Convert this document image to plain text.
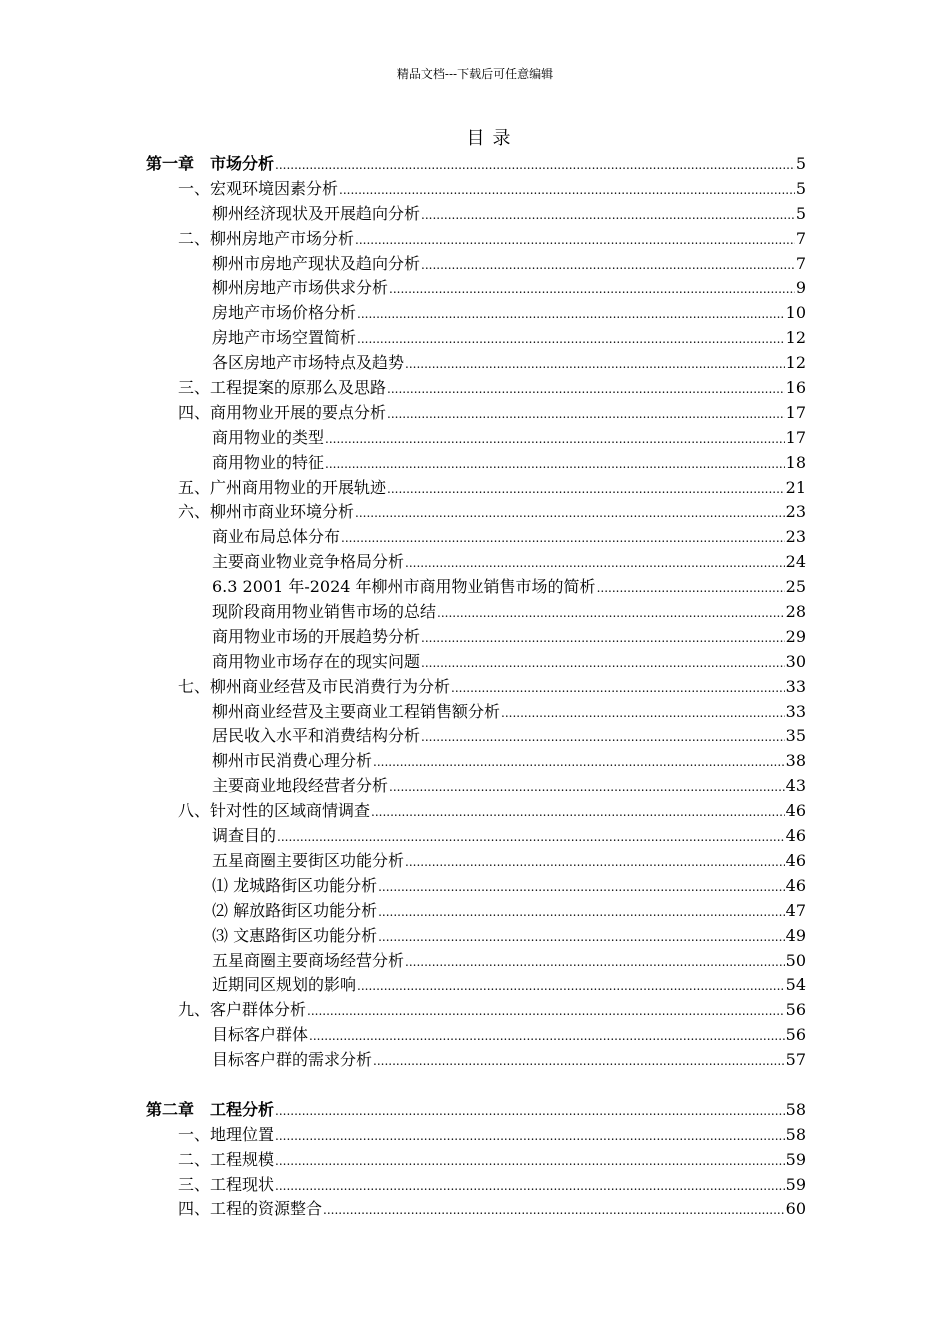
精品文档---下载后可任意编辑
目录
第一章　市场分析 .....	5
一、宏观环境因素分析 .....	5
柳州经济现状及开展趋向分析 .....	5
二、柳州房地产市场分析 .....	7
柳州市房地产现状及趋向分析 .....	7
柳州房地产市场供求分析 .....	9
房地产市场价格分析 .....	10
房地产市场空置简析 .....	12
各区房地产市场特点及趋势 .....	12
三、工程提案的原那么及思路 .....	16
四、商用物业开展的要点分析 .....	17
商用物业的类型 .....	17
商用物业的特征 .....	18
五、广州商用物业的开展轨迹 .....	21
六、柳州市商业环境分析 .....	23
商业布局总体分布 .....	23
主要商业物业竞争格局分析 .....	24
6.3 2001 年-2024 年柳州市商用物业销售市场的简析 .....	25
现阶段商用物业销售市场的总结 .....	28
商用物业市场的开展趋势分析 .....	29
商用物业市场存在的现实问题 .....	30
七、柳州商业经营及市民消费行为分析 .....	33
柳州商业经营及主要商业工程销售额分析 .....	33
居民收入水平和消费结构分析 .....	35
柳州市民消费心理分析 .....	38
主要商业地段经营者分析 .....	43
八、针对性的区域商情调查 .....	46
调查目的 .....	46
五星商圈主要街区功能分析 .....	46
⑴ 龙城路街区功能分析 .....	46
⑵ 解放路街区功能分析 .....	47
⑶ 文惠路街区功能分析 .....	49
五星商圈主要商场经营分析 .....	50
近期同区规划的影响 .....	54
九、客户群体分析 .....	56
目标客户群体 .....	56
目标客户群的需求分析 .....	57
第二章　工程分析 .....	58
一、地理位置 .....	58
二、工程规模 .....	59
三、工程现状 .....	59
四、工程的资源整合 .....	60
